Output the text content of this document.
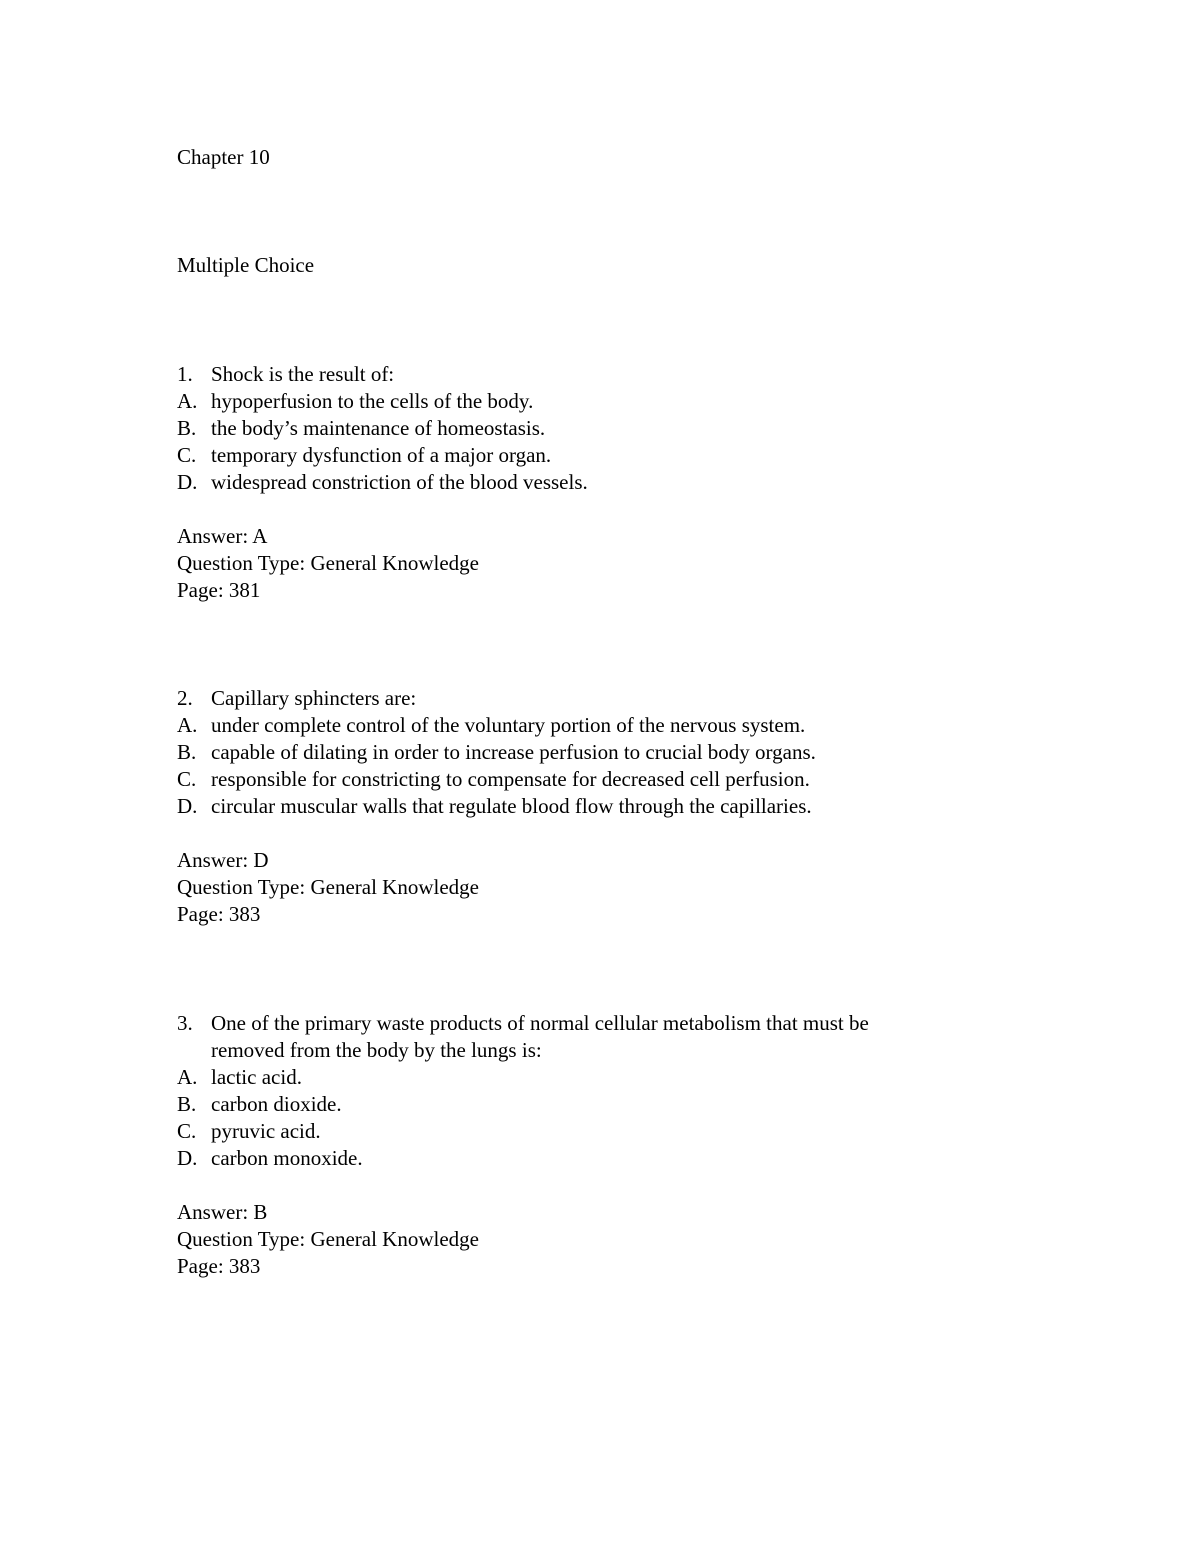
Chapter 10
Multiple Choice
1. Shock is the result of:
A. hypoperfusion to the cells of the body.
B. the body’s maintenance of homeostasis.
C. temporary dysfunction of a major organ.
D. widespread constriction of the blood vessels.
Answer: A
Question Type: General Knowledge
Page: 381
2. Capillary sphincters are:
A. under complete control of the voluntary portion of the nervous system.
B. capable of dilating in order to increase perfusion to crucial body organs.
C. responsible for constricting to compensate for decreased cell perfusion.
D. circular muscular walls that regulate blood flow through the capillaries.
Answer: D
Question Type: General Knowledge
Page: 383
3. One of the primary waste products of normal cellular metabolism that must be
removed from the body by the lungs is:
A. lactic acid.
B. carbon dioxide.
C. pyruvic acid.
D. carbon monoxide.
Answer: B
Question Type: General Knowledge
Page: 383
